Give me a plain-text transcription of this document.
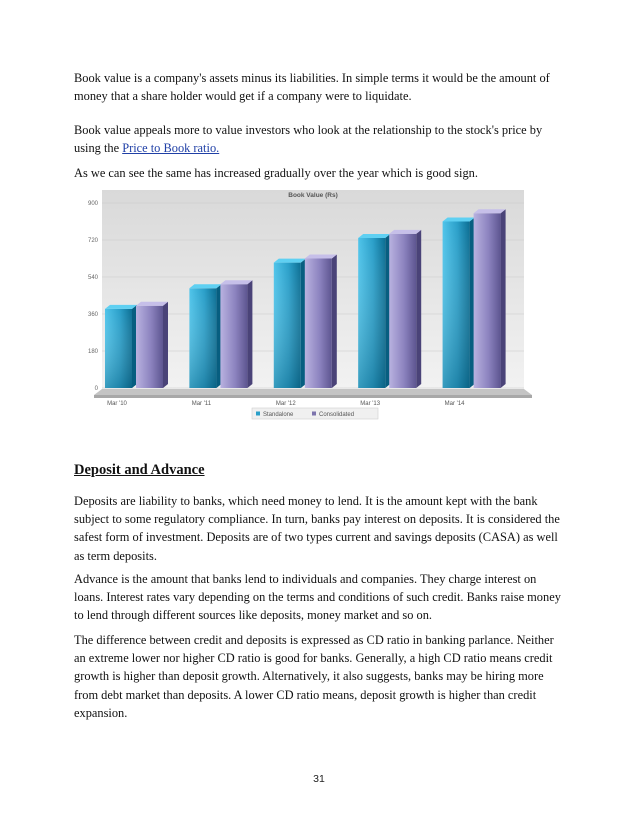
Book value is a company's assets minus its liabilities. In simple terms it would be the amount of money that a share holder would get if a company were to liquidate.

Book value appeals more to value investors who look at the relationship to the stock's price by using the Price to Book ratio.

As we can see the same has increased gradually over the year which is good sign.

0
180
360
540
720
900
Mar '10	Mar '11	Mar '12	Mar '13	Mar '14
Book Value (Rs)
Standalone	Consolidated
Deposit and Advance

Deposits are liability to banks, which need money to lend. It is the amount kept with the bank subject to some regulatory compliance. In turn, banks pay interest on deposits. It is considered the safest form of investment. Deposits are of two types current and savings deposits (CASA) as well as term deposits.

Advance is the amount that banks lend to individuals and companies. They charge interest on loans. Interest rates vary depending on the terms and conditions of such credit. Banks raise money to lend through different sources like deposits, money market and so on.

The difference between credit and deposits is expressed as CD ratio in banking parlance. Neither an extreme lower nor higher CD ratio is good for banks. Generally, a high CD ratio means credit growth is higher than deposit growth. Alternatively, it also suggests, banks may be hiring more from debt market than deposits. A lower CD ratio means, deposit growth is higher than credit expansion.

31
